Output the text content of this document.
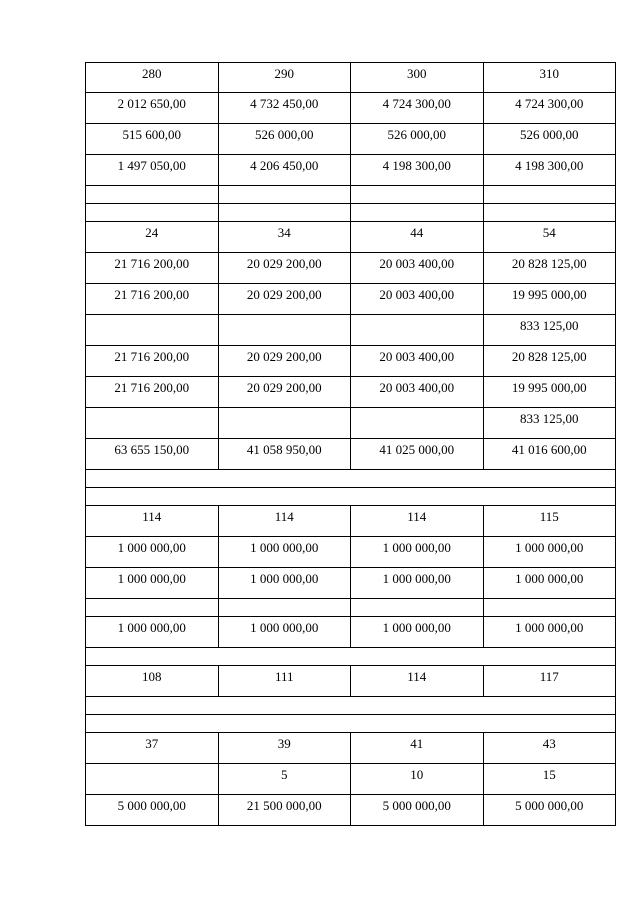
280	290	300	310

2 012 650,00	4 732 450,00	4 724 300,00	4 724 300,00

515 600,00	526 000,00	526 000,00	526 000,00

1 497 050,00	4 206 450,00	4 198 300,00	4 198 300,00

24	34	44	54

21 716 200,00	20 029 200,00	20 003 400,00	20 828 125,00

21 716 200,00	20 029 200,00	20 003 400,00	19 995 000,00

			833 125,00

21 716 200,00	20 029 200,00	20 003 400,00	20 828 125,00

21 716 200,00	20 029 200,00	20 003 400,00	19 995 000,00

			833 125,00

63 655 150,00	41 058 950,00	41 025 000,00	41 016 600,00

114	114	114	115

1 000 000,00	1 000 000,00	1 000 000,00	1 000 000,00

1 000 000,00	1 000 000,00	1 000 000,00	1 000 000,00

1 000 000,00	1 000 000,00	1 000 000,00	1 000 000,00

108	111	114	117

37	39	41	43

	5	10	15

5 000 000,00	21 500 000,00	5 000 000,00	5 000 000,00
